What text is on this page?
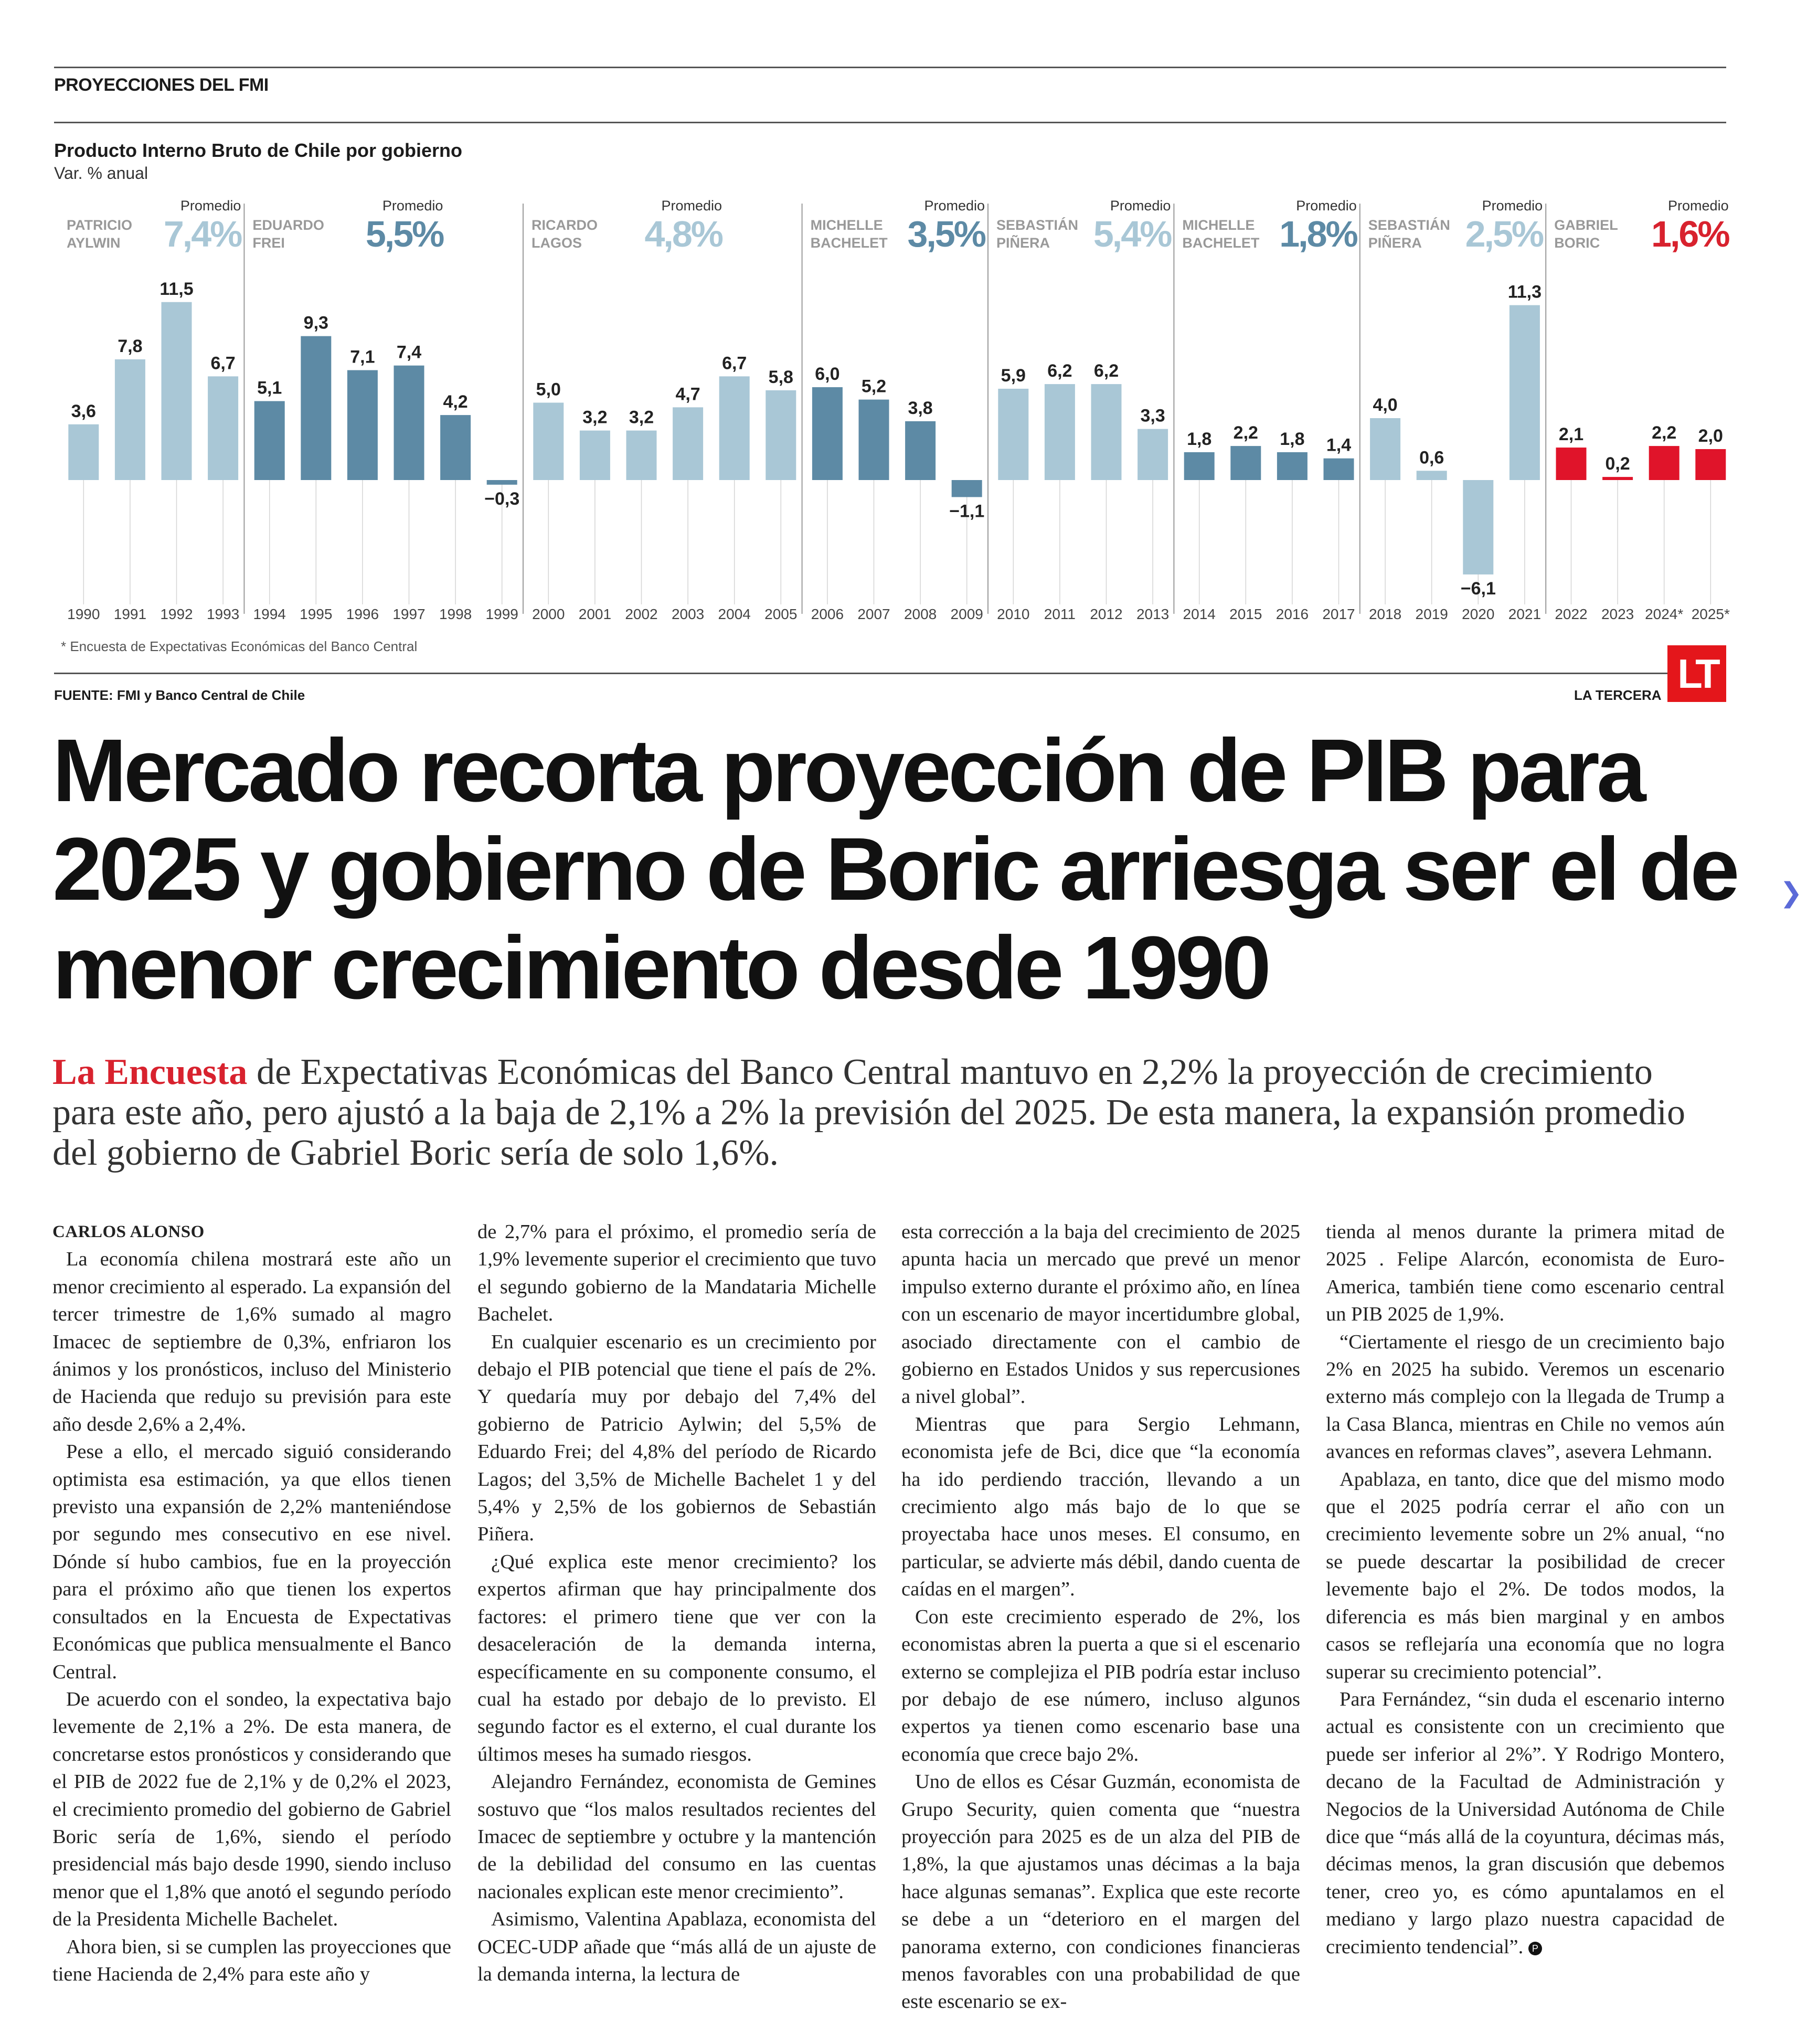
PROYECCIONES DEL FMI
Producto Interno Bruto de Chile por gobierno
Var. % anual
3,6
1990
7,8
1991
11,5
1992
6,7
1993
5,1
1994
9,3
1995
7,1
1996
7,4
1997
4,2
1998
−0,3
1999
5,0
2000
3,2
2001
3,2
2002
4,7
2003
6,7
2004
5,8
2005
6,0
2006
5,2
2007
3,8
2008
−1,1
2009
5,9
2010
6,2
2011
6,2
2012
3,3
2013
1,8
2014
2,2
2015
1,8
2016
1,4
2017
4,0
2018
0,6
2019
−6,1
2020
11,3
2021
2,1
2022
0,2
2023
2,2
2024*
2,0
2025*
PATRICIO
AYLWIN
Promedio
7,4% EDUARDO
FREI
Promedio
5,5%	RICARDO
LAGOS
Promedio
4,8%	MICHELLE
BACHELET
Promedio
3,5% SEBASTIÁN
PIÑERA
Promedio
5,4% MICHELLE
BACHELET
Promedio
1,8% SEBASTIÁN
PIÑERA
Promedio
2,5% GABRIEL
BORIC
Promedio
1,6%
* Encuesta de Expectativas Económicas del Banco Central
FUENTE: FMI y Banco Central de Chile	LA TERCERA LT
Mercado recorta proyección de PIB para 2025 y gobierno de Boric arriesga ser el de menor crecimiento desde 1990
❯

La Encuesta de Expectativas Económicas del Banco Central mantuvo en 2,2% la proyección de crecimiento para este año, pero ajustó a la baja de 2,1% a 2% la previsión del 2025. De esta manera, la expansión promedio del gobierno de Gabriel Boric sería de solo 1,6%.

CARLOS ALONSO

La economía chilena mostrará este año un menor crecimiento al esperado. La expansión del tercer trimestre de 1,6% sumado al magro Imacec de septiembre de 0,3%, enfriaron los ánimos y los pronósticos, incluso del Ministerio de Hacienda que redujo su previsión para este año desde 2,6% a 2,4%.

Pese a ello, el mercado siguió considerando optimista esa estimación, ya que ellos tienen previsto una expansión de 2,2% manteniéndose por segundo mes consecutivo en ese nivel. Dónde sí hubo cambios, fue en la proyección para el próximo año que tienen los expertos consultados en la Encuesta de Expectativas Económicas que publica mensualmente el Banco Central.

De acuerdo con el sondeo, la expectativa bajo levemente de 2,1% a 2%. De esta manera, de concretarse estos pronósticos y considerando que el PIB de 2022 fue de 2,1% y de 0,2% el 2023, el crecimiento promedio del gobierno de Gabriel Boric sería de 1,6%, siendo el período presidencial más bajo desde 1990, siendo incluso menor que el 1,8% que anotó el segundo período de la Presidenta Michelle Bachelet.

Ahora bien, si se cumplen las proyecciones que tiene Hacienda de 2,4% para este año y

de 2,7% para el próximo, el promedio sería de 1,9% levemente superior el crecimiento que tuvo el segundo gobierno de la Mandataria Michelle Bachelet.

En cualquier escenario es un crecimiento por debajo el PIB potencial que tiene el país de 2%. Y quedaría muy por debajo del 7,4% del gobierno de Patricio Aylwin; del 5,5% de Eduardo Frei; del 4,8% del período de Ricardo Lagos; del 3,5% de Michelle Bachelet 1 y del 5,4% y 2,5% de los gobiernos de Sebastián Piñera.

¿Qué explica este menor crecimiento? los expertos afirman que hay principalmente dos factores: el primero tiene que ver con la desaceleración de la demanda interna, específicamente en su componente consumo, el cual ha estado por debajo de lo previsto. El segundo factor es el externo, el cual durante los últimos meses ha sumado riesgos.

Alejandro Fernández, economista de Gemines sostuvo que “los malos resultados recientes del Imacec de septiembre y octubre y la mantención de la debilidad del consumo en las cuentas nacionales explican este menor crecimiento”.

Asimismo, Valentina Apablaza, economista del OCEC-UDP añade que “más allá de un ajuste de la demanda interna, la lectura de

esta corrección a la baja del crecimiento de 2025 apunta hacia un mercado que prevé un menor impulso externo durante el próximo año, en línea con un escenario de mayor incertidumbre global, asociado directamente con el cambio de gobierno en Estados Unidos y sus repercusiones a nivel global”.

Mientras que para Sergio Lehmann, economista jefe de Bci, dice que “la economía ha ido perdiendo tracción, llevando a un crecimiento algo más bajo de lo que se proyectaba hace unos meses. El consumo, en particular, se advierte más débil, dando cuenta de caídas en el margen”.

Con este crecimiento esperado de 2%, los economistas abren la puerta a que si el escenario externo se complejiza el PIB podría estar incluso por debajo de ese número, incluso algunos expertos ya tienen como escenario base una economía que crece bajo 2%.

Uno de ellos es César Guzmán, economista de Grupo Security, quien comenta que “nuestra proyección para 2025 es de un alza del PIB de 1,8%, la que ajustamos unas décimas a la baja hace algunas semanas”. Explica que este recorte se debe a un “deterioro en el margen del panorama externo, con condiciones financieras menos favorables con una probabilidad de que este escenario se ex-

tienda al menos durante la primera mitad de 2025 . Felipe Alarcón, economista de Euro-America, también tiene como escenario central un PIB 2025 de 1,9%.

“Ciertamente el riesgo de un crecimiento bajo 2% en 2025 ha subido. Veremos un escenario externo más complejo con la llegada de Trump a la Casa Blanca, mientras en Chile no vemos aún avances en reformas claves”, asevera Lehmann.

Apablaza, en tanto, dice que del mismo modo que el 2025 podría cerrar el año con un crecimiento levemente sobre un 2% anual, “no se puede descartar la posibilidad de crecer levemente bajo el 2%. De todos modos, la diferencia es más bien marginal y en ambos casos se reflejaría una economía que no logra superar su crecimiento potencial”.

Para Fernández, “sin duda el escenario interno actual es consistente con un crecimiento que puede ser inferior al 2%”. Y Rodrigo Montero, decano de la Facultad de Administración y Negocios de la Universidad Autónoma de Chile dice que “más allá de la coyuntura, décimas más, décimas menos, la gran discusión que debemos tener, creo yo, es cómo apuntalamos en el mediano y largo plazo nuestra capacidad de crecimiento tendencial”. P
